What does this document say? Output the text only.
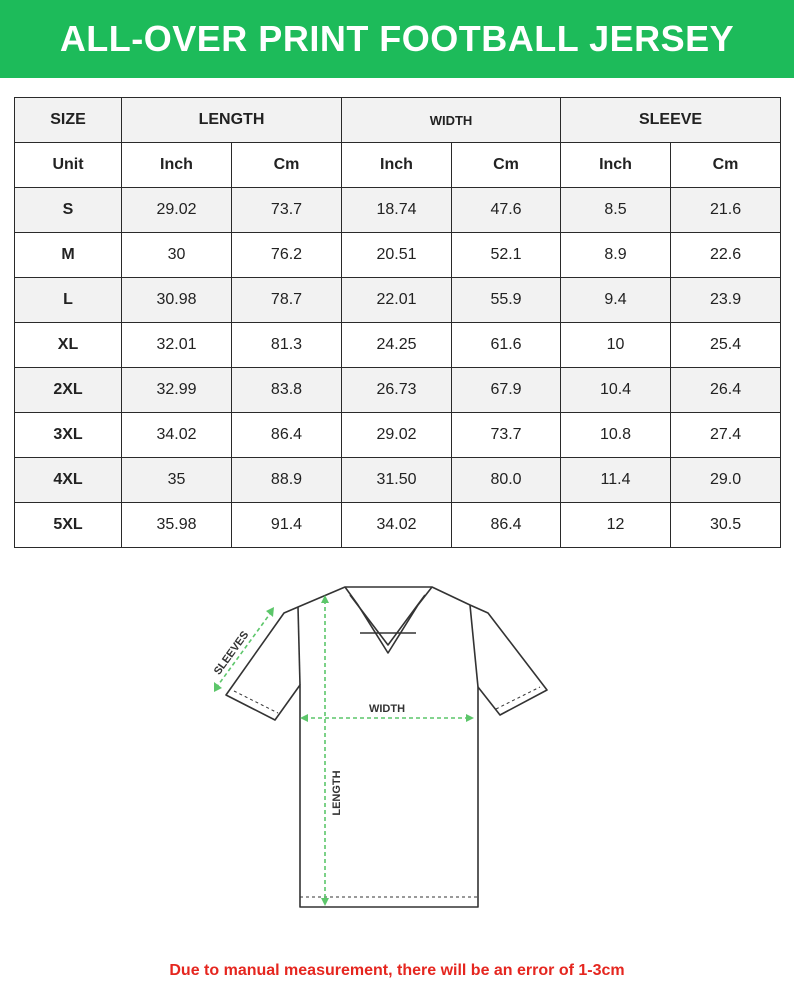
ALL-OVER PRINT FOOTBALL JERSEY
SIZE	LENGTH		WIDTH		SLEEVE	
Unit	Inch	Cm	Inch	Cm	Inch	Cm
S	29.02	73.7	18.74	47.6	8.5	21.6
M	30	76.2	20.51	52.1	8.9	22.6
L	30.98	78.7	22.01	55.9	9.4	23.9
XL	32.01	81.3	24.25	61.6	10	25.4
2XL	32.99	83.8	26.73	67.9	10.4	26.4
3XL	34.02	86.4	29.02	73.7	10.8	27.4
4XL	35	88.9	31.50	80.0	11.4	29.0
5XL	35.98	91.4	34.02	86.4	12	30.5
SLEEVES
WIDTH
LENGTH
Due to manual measurement, there will be an error of 1-3cm
